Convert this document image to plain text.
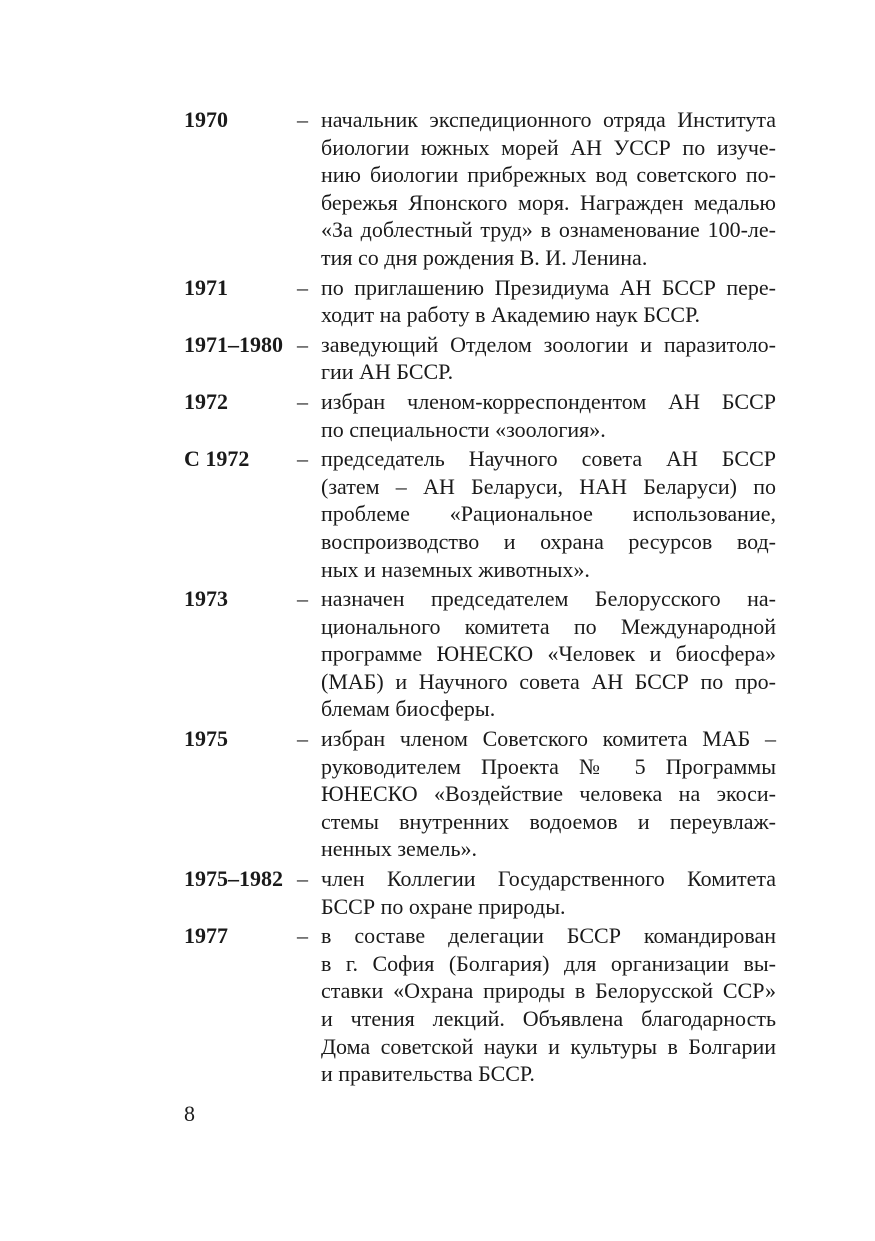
1970	– начальник экспедиционного отряда Института
биологии южных морей АН УССР по изуче-
нию биологии прибрежных вод советского по-
бережья Японского моря. Награжден медалью
«За доблестный труд» в ознаменование 100-ле-
тия со дня рождения В. И. Ленина.
1971	– по приглашению Президиума АН БССР пере-
ходит на работу в Академию наук БССР.
1971–1980 – заведующий Отделом зоологии и паразитоло-
гии АН БССР.
1972	– избран членом-корреспондентом АН БССР
по специальности «зоология».
С 1972 – председатель Научного совета АН БССР
(затем – АН Беларуси, НАН Беларуси) по
проблеме «Рациональное использование,
воспроизводство и охрана ресурсов вод-
ных и наземных животных».
1973	– назначен председателем Белорусского на-
ционального комитета по Международной
программе ЮНЕСКО «Человек и биосфера»
(МАБ) и Научного совета АН БССР по про-
блемам биосферы.
1975	– избран членом Советского комитета МАБ –
руководителем Проекта № 5 Программы
ЮНЕСКО «Воздействие человека на экоси-
стемы внутренних водоемов и переувлаж-
ненных земель».
1975–1982 – член Коллегии Государственного Комитета
БССР по охране природы.
1977	– в составе делегации БССР командирован
в г. София (Болгария) для организации вы-
ставки «Охрана природы в Белорусской ССР»
и чтения лекций. Объявлена благодарность
Дома советской науки и культуры в Болгарии
и правительства БССР.
8
